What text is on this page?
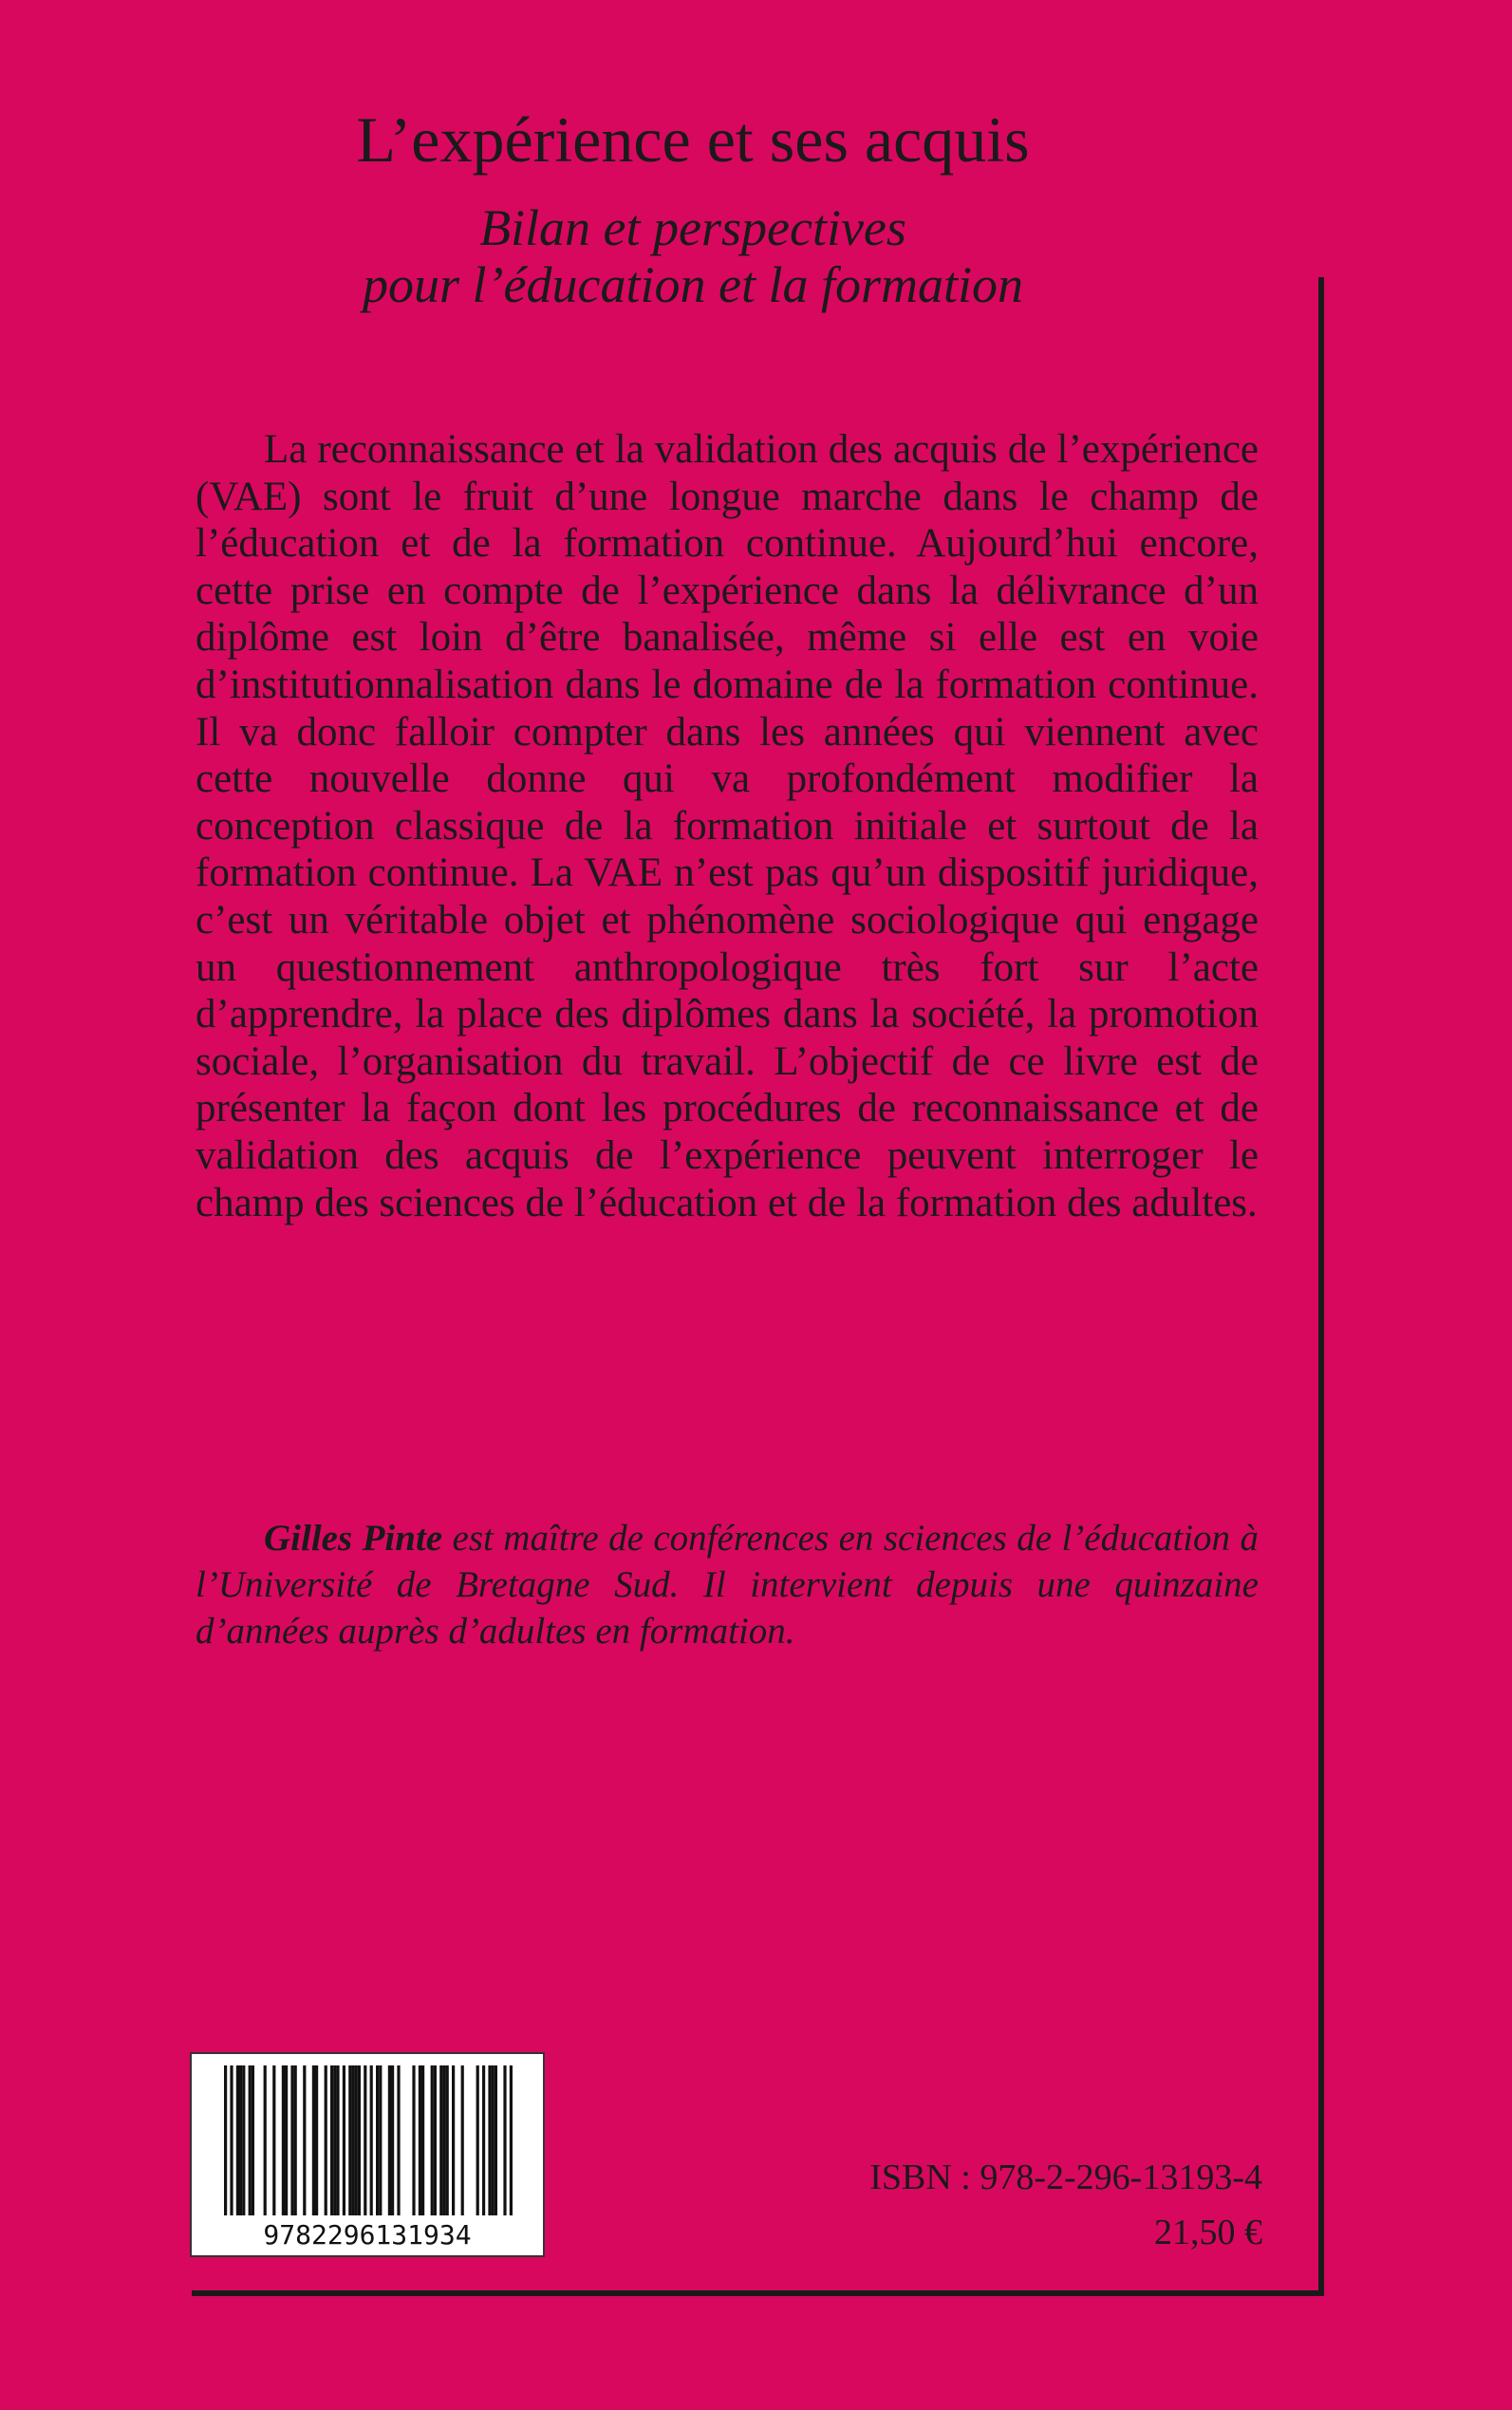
L’expérience et ses acquis
Bilan et perspectives
pour l’éducation et la formation

La reconnaissance et la validation des acquis de l’expérience (VAE) sont le fruit d’une longue marche dans le champ de l’éducation et de la formation continue. Aujourd’hui encore, cette prise en compte de l’expérience dans la délivrance d’un diplôme est loin d’être banalisée, même si elle est en voie d’institutionnalisation dans le domaine de la formation continue. Il va donc falloir compter dans les années qui viennent avec cette nouvelle donne qui va profondément modifier la conception classique de la formation initiale et surtout de la formation continue. La VAE n’est pas qu’un dispositif juridique, c’est un véritable objet et phénomène sociologique qui engage un questionnement anthropologique très fort sur l’acte d’apprendre, la place des diplômes dans la société, la promotion sociale, l’organisation du travail. L’objectif de ce livre est de présenter la façon dont les procédures de reconnaissance et de validation des acquis de l’expérience peuvent interroger le champ des sciences de l’éducation et de la formation des adultes.

Gilles Pinte est maître de conférences en sciences de l’éducation à l’Université de Bretagne Sud. Il intervient depuis une quinzaine d’années auprès d’adultes en formation.

9782296131934
ISBN : 978-2-296-13193-4
21,50 €
